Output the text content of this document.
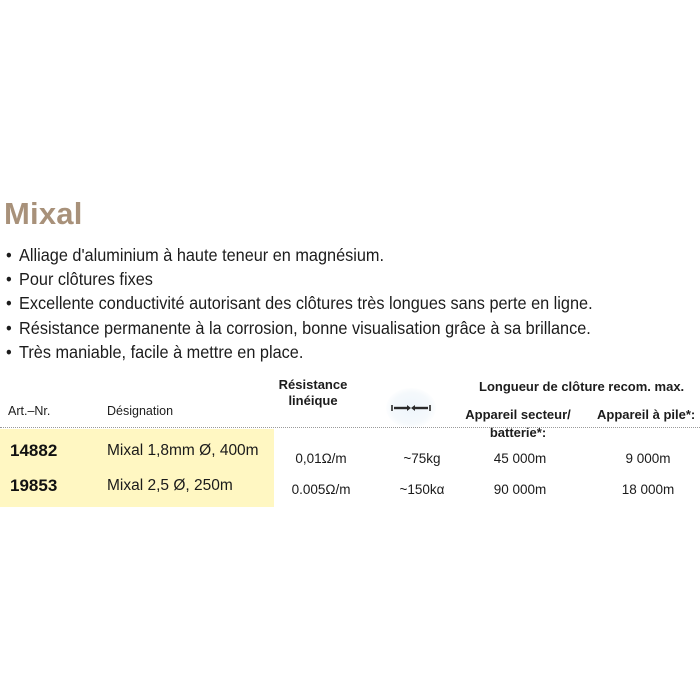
Mixal
• Alliage d'aluminium à haute teneur en magnésium.
• Pour clôtures fixes
• Excellente conductivité autorisant des clôtures très longues sans perte en ligne.
• Résistance permanente à la corrosion, bonne visualisation grâce à sa brillance.
• Très maniable, facile à mettre en place.
Art.–Nr.	Désignation
Résistance
linéique
Longueur de clôture recom. max.
Appareil secteur/
batterie*:
Appareil à pile*:
14882	Mixal 1,8mm Ø, 400m	0,01Ω/m	~75kg	45 000m	9 000m
19853	Mixal 2,5 Ø, 250m	0.005Ω/m	~150kα	90 000m	18 000m
